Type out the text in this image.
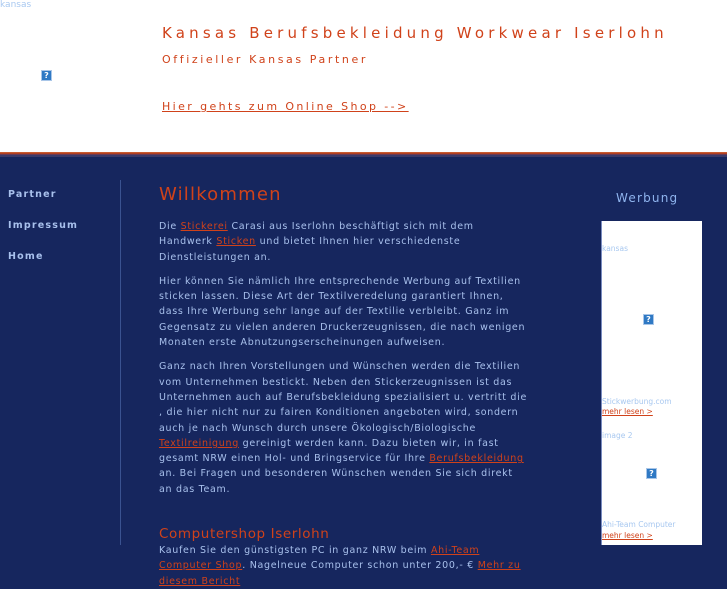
kansas
?
Kansas Berufsbekleidung Workwear Iserlohn
Offizieller Kansas Partner
Hier gehts zum Online Shop -->
Partner
Impressum
Home
Willkommen

Die Stickerei Carasi aus Iserlohn beschäftigt sich mit dem Handwerk Sticken und bietet Ihnen hier verschiedenste Dienstleistungen an.

Hier können Sie nämlich Ihre entsprechende Werbung auf Textilien sticken lassen. Diese Art der Textilveredelung garantiert Ihnen, dass Ihre Werbung sehr lange auf der Textilie verbleibt. Ganz im Gegensatz zu vielen anderen Druckerzeugnissen, die nach wenigen Monaten erste Abnutzungserscheinungen aufweisen.

Ganz nach Ihren Vorstellungen und Wünschen werden die Textilien vom Unternehmen bestickt. Neben den Stickerzeugnissen ist das Unternehmen auch auf Berufsbekleidung spezialisiert u. vertritt die , die hier nicht nur zu fairen Konditionen angeboten wird, sondern auch je nach Wunsch durch unsere Ökologisch/Biologische Textilreinigung gereinigt werden kann. Dazu bieten wir, in fast gesamt NRW einen Hol- und Bringservice für Ihre Berufsbekleidung an. Bei Fragen und besonderen Wünschen wenden Sie sich direkt an das Team.

Computershop Iserlohn

Kaufen Sie den günstigsten PC in ganz NRW beim Ahi-Team Computer Shop. Nagelneue Computer schon unter 200,- € Mehr zu diesem Bericht

Werbung
kansas
?
Stickwerbung.com
mehr lesen >
image 2
?
Ahi-Team Computer
mehr lesen >
